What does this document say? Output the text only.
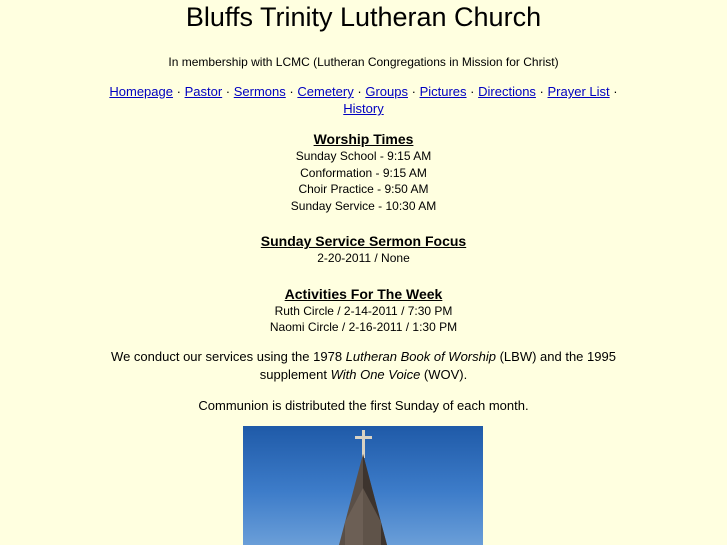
Bluffs Trinity Lutheran Church
In membership with LCMC (Lutheran Congregations in Mission for Christ)
Homepage · Pastor · Sermons · Cemetery · Groups · Pictures · Directions · Prayer List · History
Worship Times
Sunday School - 9:15 AM
Conformation - 9:15 AM
Choir Practice - 9:50 AM
Sunday Service - 10:30 AM
Sunday Service Sermon Focus
2-20-2011 / None
Activities For The Week
Ruth Circle / 2-14-2011 / 7:30 PM
Naomi Circle / 2-16-2011 / 1:30 PM
We conduct our services using the 1978 Lutheran Book of Worship (LBW) and the 1995 supplement With One Voice (WOV).
Communion is distributed the first Sunday of each month.
